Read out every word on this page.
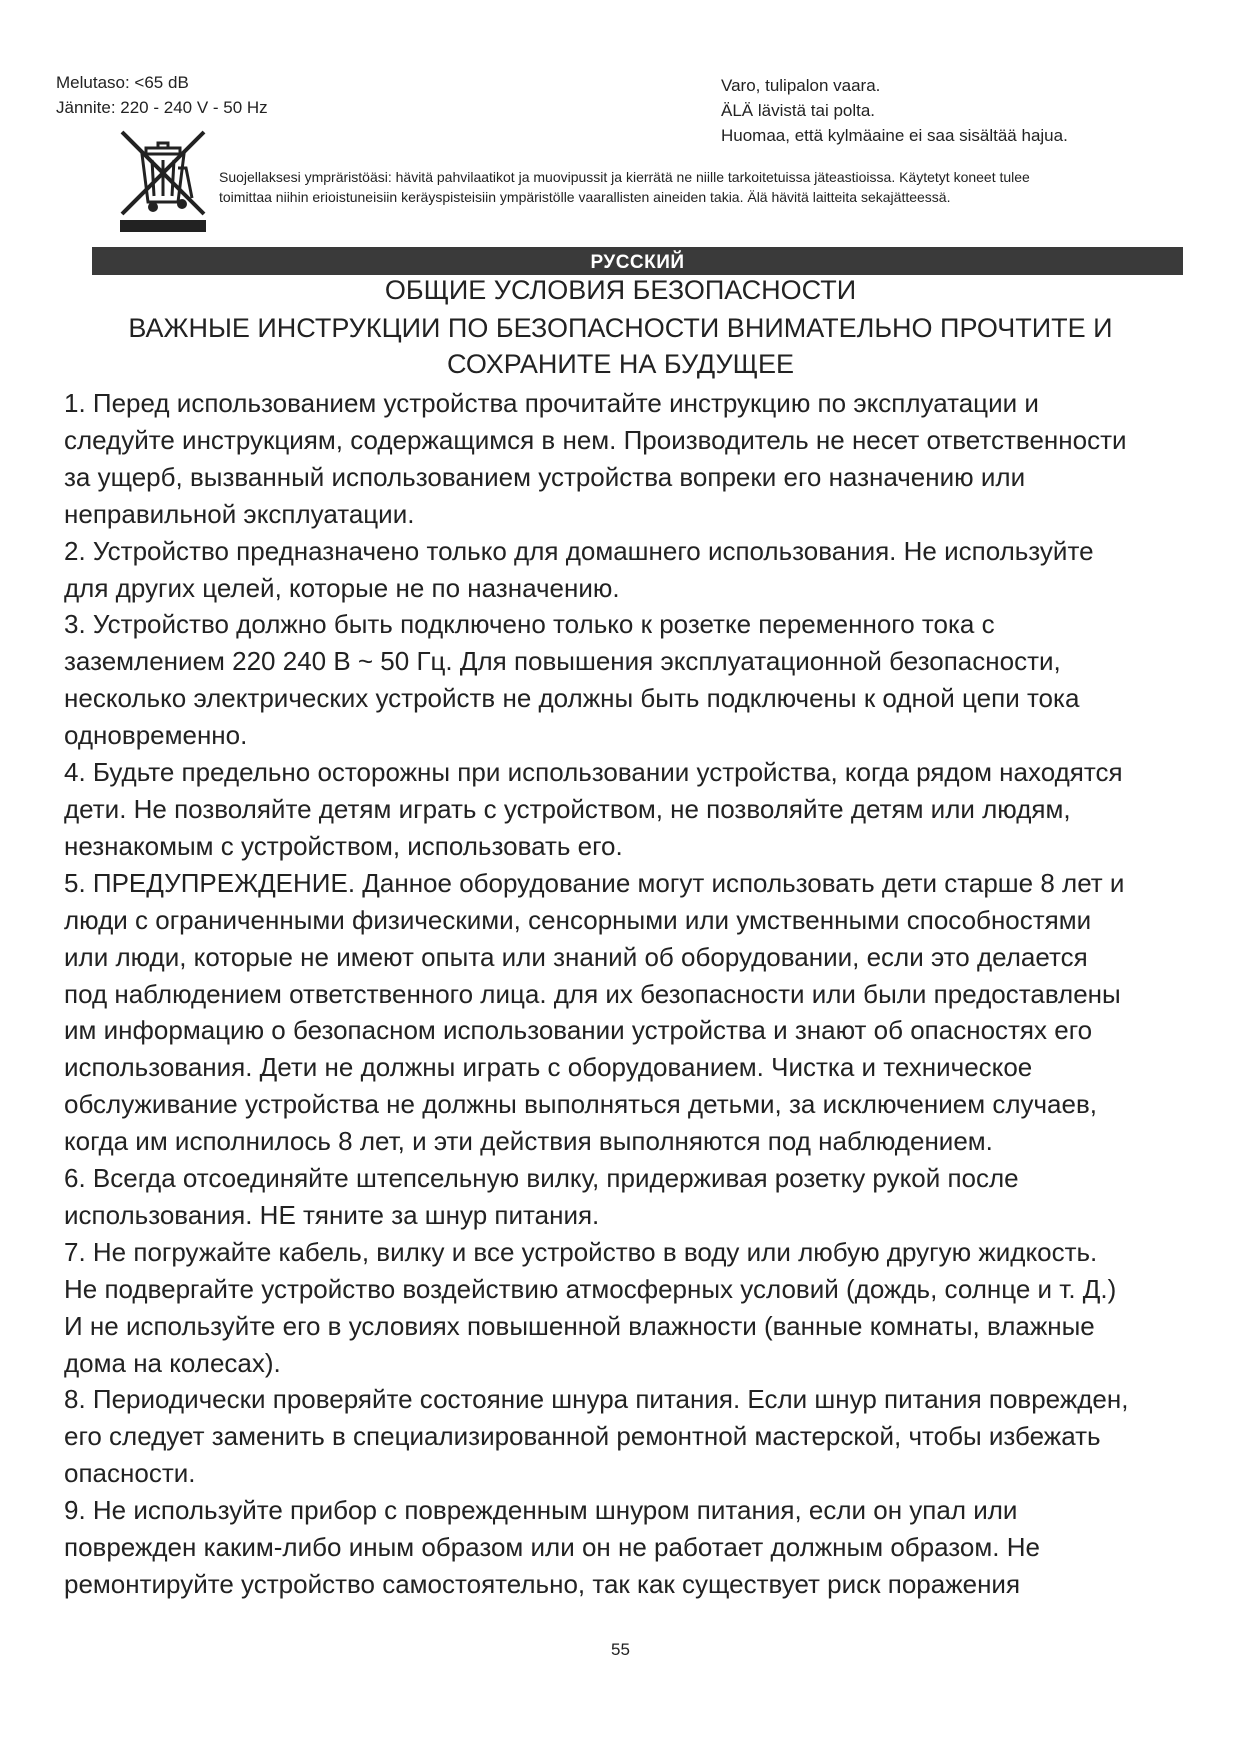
Melutaso: <65 dB
Jännite: 220 - 240 V - 50 Hz
Varo, tulipalon vaara.
ÄLÄ lävistä tai polta.
Huomaa, että kylmäaine ei saa sisältää hajua.
Suojellaksesi ympräristöäsi: hävitä pahvilaatikot ja muovipussit ja kierrätä ne niille tarkoitetuissa jäteastioissa. Käytetyt koneet tulee
toimittaa niihin erioistuneisiin keräyspisteisiin ympäristölle vaarallisten aineiden takia. Älä hävitä laitteita sekajätteessä.
РУССКИЙ
ОБЩИЕ УСЛОВИЯ БЕЗОПАСНОСТИ
ВАЖНЫЕ ИНСТРУКЦИИ ПО БЕЗОПАСНОСТИ ВНИМАТЕЛЬНО ПРОЧТИТЕ И
СОХРАНИТЕ НА БУДУЩЕЕ

1. Перед использованием устройства прочитайте инструкцию по эксплуатации и
следуйте инструкциям, содержащимся в нем. Производитель не несет ответственности
за ущерб, вызванный использованием устройства вопреки его назначению или
неправильной эксплуатации.

2. Устройство предназначено только для домашнего использования. Не используйте
для других целей, которые не по назначению.

3. Устройство должно быть подключено только к розетке переменного тока с
заземлением 220 240 В ~ 50 Гц. Для повышения эксплуатационной безопасности,
несколько электрических устройств не должны быть подключены к одной цепи тока
одновременно.

4. Будьте предельно осторожны при использовании устройства, когда рядом находятся
дети. Не позволяйте детям играть с устройством, не позволяйте детям или людям,
незнакомым с устройством, использовать его.

5. ПРЕДУПРЕЖДЕНИЕ. Данное оборудование могут использовать дети старше 8 лет и
люди с ограниченными физическими, сенсорными или умственными способностями
или люди, которые не имеют опыта или знаний об оборудовании, если это делается
под наблюдением ответственного лица. для их безопасности или были предоставлены
им информацию о безопасном использовании устройства и знают об опасностях его
использования. Дети не должны играть с оборудованием. Чистка и техническое
обслуживание устройства не должны выполняться детьми, за исключением случаев,
когда им исполнилось 8 лет, и эти действия выполняются под наблюдением.

6. Всегда отсоединяйте штепсельную вилку, придерживая розетку рукой после
использования. НЕ тяните за шнур питания.

7. Не погружайте кабель, вилку и все устройство в воду или любую другую жидкость.
Не подвергайте устройство воздействию атмосферных условий (дождь, солнце и т. Д.)
И не используйте его в условиях повышенной влажности (ванные комнаты, влажные
дома на колесах).

8. Периодически проверяйте состояние шнура питания. Если шнур питания поврежден,
его следует заменить в специализированной ремонтной мастерской, чтобы избежать
опасности.

9. Не используйте прибор с поврежденным шнуром питания, если он упал или
поврежден каким-либо иным образом или он не работает должным образом. Не
ремонтируйте устройство самостоятельно, так как существует риск поражения

55
